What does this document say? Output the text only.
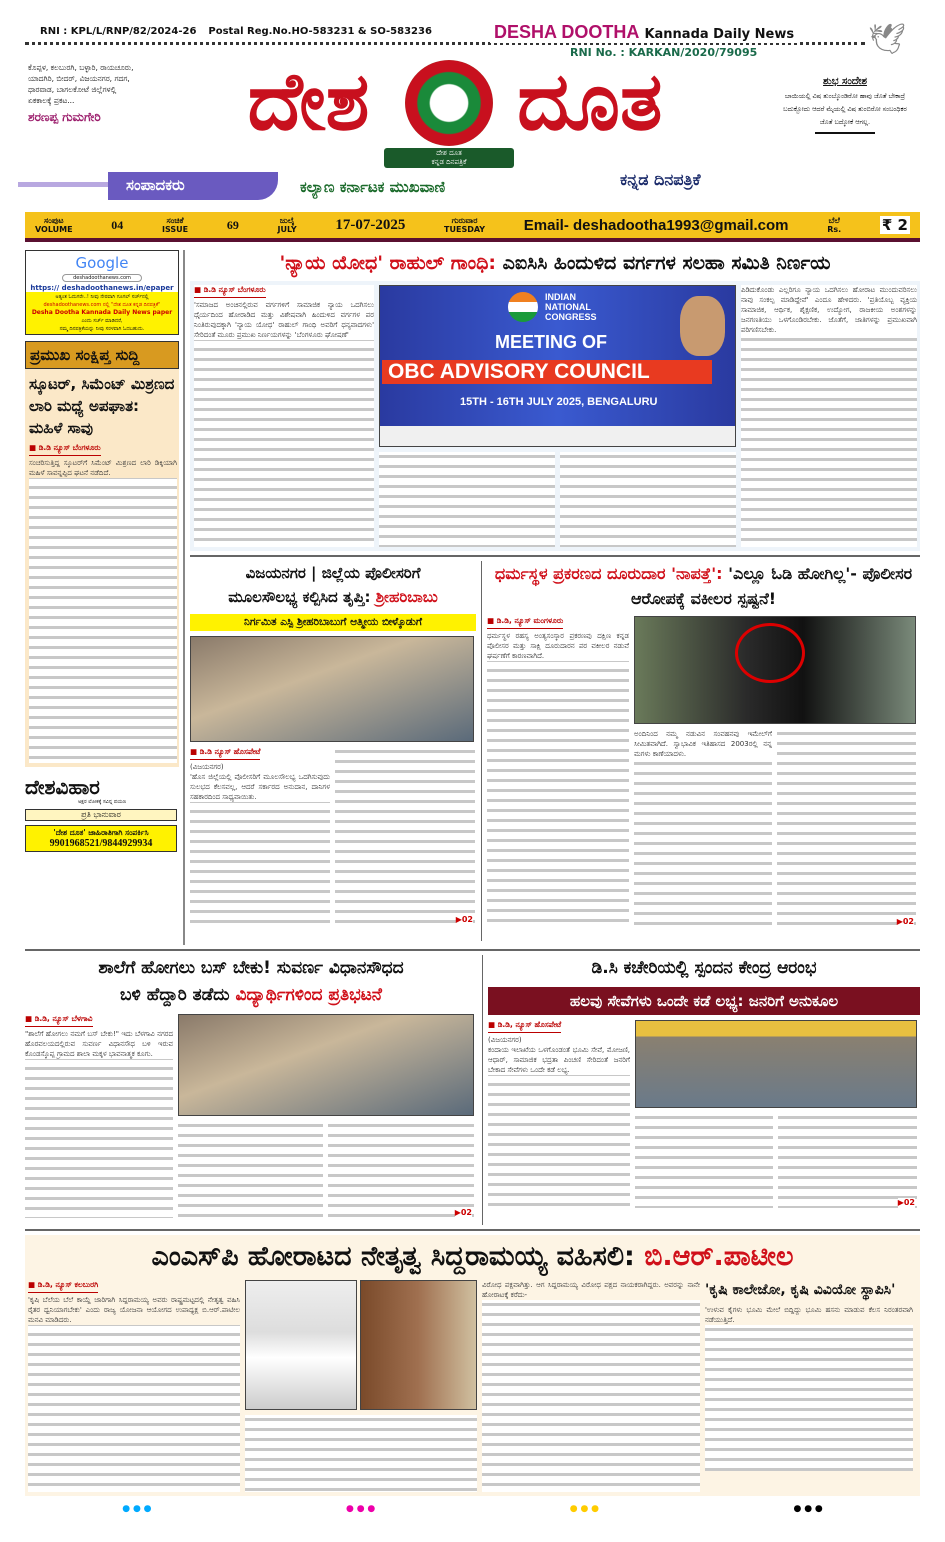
RNI : KPL/L/RNP/82/2024-26 Postal Reg.No.HO-583231 & SO-583236	DESHA DOOTHA Kannada Daily News
RNI No. : KARKAN/2020/79095	🕊
ಕೊಪ್ಪಳ, ಕಲಬುರಗಿ, ಬಳ್ಳಾರಿ, ರಾಯಚೂರು, ಯಾದಗಿರಿ, ಬೀದರ್, ವಿಜಯನಗರ, ಗದಗ, ಧಾರವಾಡ, ಬಾಗಲಕೋಟೆ ಜಿಲ್ಲೆಗಳಲ್ಲಿ ಏಕಕಾಲಕ್ಕೆ ಪ್ರಕಟ...
ಶರಣಪ್ಪ ಗುಮಗೇರಿ
ಸಂಪಾದಕರು
ದೇಶ ದೂತ
ದೇಶ ದೂತ
ಕನ್ನಡ ದಿನಪತ್ರಿಕೆ
ಕಲ್ಯಾಣ ಕರ್ನಾಟಕ ಮುಖವಾಣಿ	ಕನ್ನಡ ದಿನಪತ್ರಿಕೆ
ಶುಭ ಸಂದೇಶ
ಬಾಯಿಯಲ್ಲಿ ವಿಷ ತುಂಬ್ಕೊಂಡಿರೋ ಹಾವು ಜೊತೆ ಬೇಕಾದ್ರೆ ಬದುಕ್ಬೋದು ಆದರೆ ಮೈಯಲ್ಲಿ ವಿಷ ತುಂಬಿರೋ ಸಂಬಂಧಿಕರ ಜೊತೆ ಬದ್ಕೋಕೆ ಆಗಲ್ಲ.
ಸಂಪುಟ
VOLUME	04	ಸಂಚಿಕೆ
ISSUE	69	ಜುಲೈ
JULY	17-07-2025	ಗುರುವಾರ
TUESDAY	Email- deshadootha1993@gmail.com	ಬೆಲೆ
Rs.	₹ 2
Google
deshadoothanews.com
https:// deshadoothanews.in/epaper
ಅತ್ಯಂತ ಓದುಗರೇ..! ನೀವು ನೇರವಾಗಿ ಗೂಗಲ್ ಸರ್ಚ್‌ನಲ್ಲಿ
deshadoothanews.com ನಲ್ಲಿ "ದೇಶ ದೂತ ಕನ್ನಡ ದಿನಪತ್ರಿಕೆ"
Desha Dootha Kannada Daily News paper
ಎಂದು ಸರ್ಚ್ ಮಾಡಿದರೆ,
ನಮ್ಮ ದಿನಪತ್ರಿಕೆಯನ್ನು ನೀವು ಸರಳವಾಗಿ ಓದಬಹುದು.
ಪ್ರಮುಖ ಸಂಕ್ಷಿಪ್ತ ಸುದ್ದಿ
ಸ್ಕೂಟರ್, ಸಿಮೆಂಟ್ ಮಿಶ್ರಣದ ಲಾರಿ ಮಧ್ಯೆ ಅಪಘಾತ: ಮಹಿಳೆ ಸಾವು

■ ಡಿ.ಡಿ ನ್ಯೂಸ್ ಬೆಂಗಳೂರು

ಸಂಚರಿಸುತ್ತಿದ್ದ ಸ್ಕೂಟರ್‌ಗೆ ಸಿಮೆಂಟ್ ಮಿಶ್ರಣದ ಲಾರಿ ಡಿಕ್ಕಿಯಾಗಿ ಮಹಿಳೆ ಸಾವನ್ನಪ್ಪಿದ ಘಟನೆ ನಡೆದಿದೆ.

ದೇಶವಿಹಾರ
ಅಕ್ಷರ ಲೋಕಕ್ಕೆ ಸವಿನ್ನ ಪಯಣ
ಪ್ರತಿ ಭಾನುವಾರ
'ದೇಶ ದೂತ' ಜಾಹಿರಾತಿಗಾಗಿ ಸಂಪರ್ಕಿಸಿ
9901968521/9844929934
'ನ್ಯಾಯ ಯೋಧ' ರಾಹುಲ್ ಗಾಂಧಿ: ಎಐಸಿಸಿ ಹಿಂದುಳಿದ ವರ್ಗಗಳ ಸಲಹಾ ಸಮಿತಿ ನಿರ್ಣಯ

■ ಡಿ.ಡಿ ನ್ಯೂಸ್ ಬೆಂಗಳೂರು

'ಸಮಾಜದ ಅಂಚಿನಲ್ಲಿರುವ ವರ್ಗಗಳಿಗೆ ಸಾಮಾಜಿಕ ನ್ಯಾಯ ಒದಗಿಸಲು ಧೈರ್ಯದಿಂದ ಹೋರಾಡಿದ ಮತ್ತು ವಿಶೇಷವಾಗಿ ಹಿಂದುಳಿದ ವರ್ಗಗಳ ಪರ ನಿಂತಿರುವುದಕ್ಕಾಗಿ 'ನ್ಯಾಯ ಯೋಧ' ರಾಹುಲ್ ಗಾಂಧಿ ಅವರಿಗೆ ಧನ್ಯವಾದಗಳು' ಸೇರಿದಂತೆ ಮೂರು ಪ್ರಮುಖ ನಿರ್ಣಯಗಳನ್ನು 'ಬೆಂಗಳೂರು ಘೋಷಣೆ'

INDIAN
NATIONAL
CONGRESS
MEETING OF
OBC ADVISORY COUNCIL
15TH - 16TH JULY 2025, BENGALURU

ಪಿಡಿದುಕೊಂಡು ಎಲ್ಲರಿಗೂ ನ್ಯಾಯ ಒದಗಿಸಲು ಹೋರಾಟ ಮುಂದುವರಿಸಲು ನಾವು ಸಂಕಲ್ಪ ಮಾಡಿದ್ದೇವೆ' ಎಂದೂ ಹೇಳಿದರು. 'ಪ್ರತಿಯೊಬ್ಬ ವ್ಯಕ್ತಿಯ ಸಾಮಾಜಿಕ, ಆರ್ಥಿಕ, ಶೈಕ್ಷಣಿಕ, ಉದ್ಯೋಗ, ರಾಜಕೀಯ ಅಂಶಗಳನ್ನು ಜನಗಣತಿಯು ಒಳಗೊಂಡಿರಬೇಕು. ಜೊತೆಗೆ, ಜಾತಿಗಳನ್ನು ಪ್ರಮುಖವಾಗಿ ಪರಿಗಣಿಸಬೇಕು.

ವಿಜಯನಗರ | ಜಿಲ್ಲೆಯ ಪೊಲೀಸರಿಗೆ
ಮೂಲಸೌಲಭ್ಯ ಕಲ್ಪಿಸಿದ ತೃಪ್ತಿ: ಶ್ರೀಹರಿಬಾಬು
ನಿರ್ಗಮಿತ ಎಸ್ಪಿ ಶ್ರೀಹರಿಬಾಬುಗೆ ಆತ್ಮೀಯ ಬೀಳ್ಕೊಡುಗೆ

■ ಡಿ.ಡಿ ನ್ಯೂಸ್ ಹೊಸಪೇಟೆ

(ವಿಜಯನಗರ)

'ಹೊಸ ಜಿಲ್ಲೆಯಲ್ಲಿ ಪೊಲೀಸರಿಗೆ ಮೂಲಸೌಲಭ್ಯ ಒದಗಿಸುವುದು ಸುಲಭದ ಕೆಲಸವಲ್ಲ, ಆದರೆ ಸರ್ಕಾರದ ಅನುದಾನ, ದಾನಿಗಳ ಸಹಕಾರದಿಂದ ಸಾಧ್ಯವಾಯಿತು.

▶02
ಧರ್ಮಸ್ಥಳ ಪ್ರಕರಣದ ದೂರುದಾರ 'ನಾಪತ್ತೆ': 'ಎಲ್ಲೂ ಓಡಿ ಹೋಗಿಲ್ಲ'- ಪೊಲೀಸರ ಆರೋಪಕ್ಕೆ ವಕೀಲರ ಸ್ಪಷ್ಟನೆ!

■ ಡಿ.ಡಿ, ನ್ಯೂಸ್ ಮಂಗಳೂರು

ಧರ್ಮಸ್ಥಳ ರಹಸ್ಯ ಅಂತ್ಯಸಂಸ್ಕಾರ ಪ್ರಕರಣವು ದಕ್ಷಿಣ ಕನ್ನಡ ಪೊಲೀಸರ ಮತ್ತು ಸಾಕ್ಷಿ ದೂರುದಾರನ ಪರ ವಕೀಲರ ನಡುವೆ ಘರ್ಷಣೆಗೆ ಕಾರಣವಾಗಿದೆ.

ಅಂದಿನಿಂದ ನಮ್ಮ ನಡುವಿನ ಸಂವಹನವು ಇಮೇಲ್‌ಗೆ ಸೀಮಿತವಾಗಿದೆ. ಸ್ವಾಭಾವಿಕ ಇತಿಹಾಸದ 2003ರಲ್ಲಿ ನನ್ನ ಮಗಳು ಕಾಣೆಯಾದಳು.

▶02
ಶಾಲೆಗೆ ಹೋಗಲು ಬಸ್ ಬೇಕು! ಸುವರ್ಣ ವಿಧಾನಸೌಧದ
ಬಳಿ ಹೆದ್ದಾರಿ ತಡೆದು ವಿದ್ಯಾರ್ಥಿಗಳಿಂದ ಪ್ರತಿಭಟನೆ

■ ಡಿ.ಡಿ, ನ್ಯೂಸ್ ಬೆಳಗಾವಿ

"ಶಾಲೆಗೆ ಹೋಗಲು ನಮಗೆ ಬಸ್ ಬೇಕು!" ಇದು ಬೆಳಗಾವಿ ನಗರದ ಹೊರವಲಯದಲ್ಲಿರುವ ಸುವರ್ಣ ವಿಧಾನಸೌಧ ಬಳಿ ಇರುವ ಕೊಂಡಸ್ಕೊಪ್ಪ ಗ್ರಾಮದ ಶಾಲಾ ಮಕ್ಕಳ ಭಾವನಾತ್ಮಕ ಕೂಗು.

▶02
ಡಿ.ಸಿ ಕಚೇರಿಯಲ್ಲಿ ಸ್ಪಂದನ ಕೇಂದ್ರ ಆರಂಭ
ಹಲವು ಸೇವೆಗಳು ಒಂದೇ ಕಡೆ ಲಭ್ಯ: ಜನರಿಗೆ ಅನುಕೂಲ

■ ಡಿ.ಡಿ, ನ್ಯೂಸ್ ಹೊಸಪೇಟೆ

(ವಿಜಯನಗರ)

ಕಂದಾಯ ಇಲಾಖೆಯ ಒಳಗೊಂಡಂತೆ ಭೂಮಿ ಸೇವೆ, ಮೋಜಣಿ, ಆಧಾರ್, ಸಾಮಾಜಿಕ ಭದ್ರತಾ ಪಿಂಚಣಿ ಸೇರಿದಂತೆ ಜನರಿಗೆ ಬೇಕಾದ ಸೇವೆಗಳು ಒಂದೇ ಕಡೆ ಲಭ್ಯ.

▶02
ಎಂಎಸ್‌ಪಿ ಹೋರಾಟದ ನೇತೃತ್ವ ಸಿದ್ದರಾಮಯ್ಯ ವಹಿಸಲಿ: ಬಿ.ಆರ್.ಪಾಟೀಲ

■ ಡಿ.ಡಿ, ನ್ಯೂಸ್ ಕಲಬುರಗಿ

'ಕೃಷಿ ಬೆಲೆಯ ಬೆಲೆ ಕಾಯ್ದೆ ಜಾರಿಗಾಗಿ ಸಿದ್ದರಾಮಯ್ಯ ಅವರು ರಾಷ್ಟ್ರಮಟ್ಟದಲ್ಲಿ ನೇತೃತ್ವ ವಹಿಸಿ ರೈತರ ಧ್ವನಿಯಾಗಬೇಕು' ಎಂದು ರಾಜ್ಯ ಯೋಜನಾ ಆಯೋಗದ ಉಪಾಧ್ಯಕ್ಷ ಬಿ.ಆರ್.ಪಾಟೀಲ ಮನವಿ ಮಾಡಿದರು.

ವಿರೋಧ ಪಕ್ಷವಾಗಿತ್ತು. ಆಗ ಸಿದ್ದರಾಮಯ್ಯ ವಿರೋಧ ಪಕ್ಷದ ನಾಯಕರಾಗಿದ್ದರು. ಅವರನ್ನು ನಾನೇ ಹೋರಾಟಕ್ಕೆ ಕರೆದು-	'ಕೃಷಿ ಕಾಲೇಜೋ, ಕೃಷಿ ವಿವಿಯೋ ಸ್ಥಾಪಿಸಿ'

'ಉಳುವ ಕೈಗಳು ಭೂಮಿ ಮೇಲೆ ಬಿದ್ದಿದ್ದು ಭೂಮಿ ಹಸನು ಮಾಡುವ ಕೆಲಸ ನಿರಂತರವಾಗಿ ನಡೆಯುತ್ತಿದೆ.

● ● ●	● ● ●	● ● ●	● ● ●
